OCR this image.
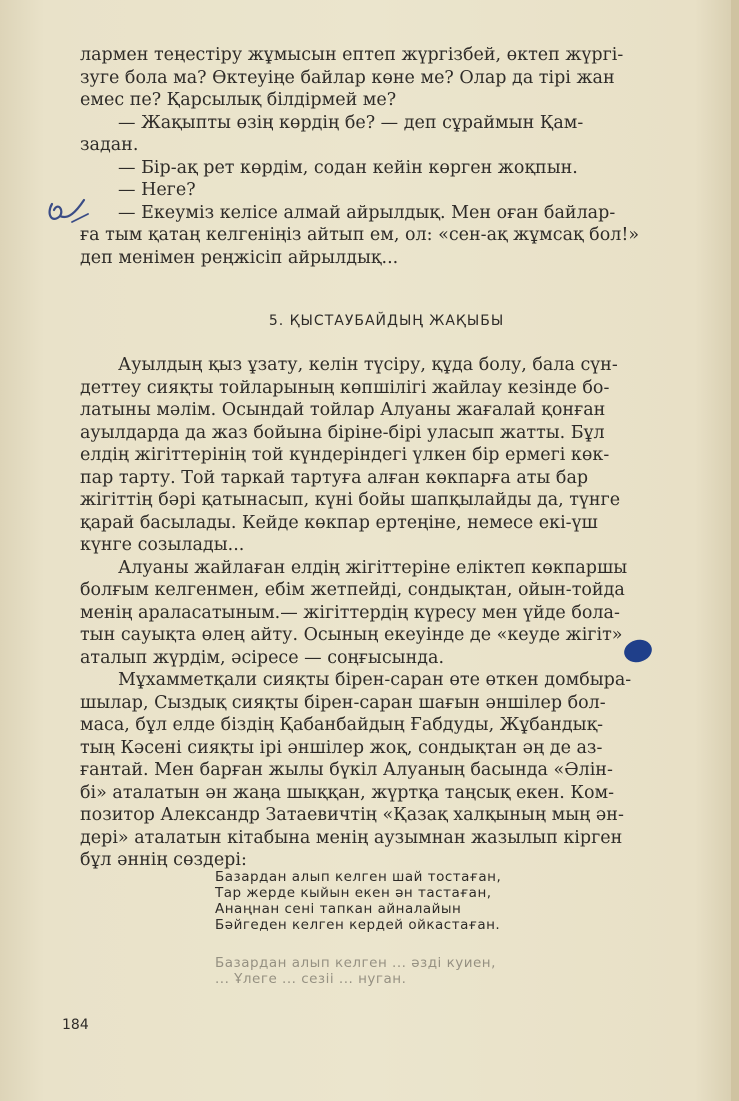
лармен теңестіру жұмысын ептеп жүргізбей, өктеп жүргі-

зуге бола ма? Өктеуіңе байлар көне ме? Олар да тірі жан

емес пе? Қарсылық білдірмей ме?

— Жақыпты өзің көрдің бе? — деп сұраймын Қам-

задан.

— Бір-ақ рет көрдім, содан кейін көрген жоқпын.

— Неге?

— Екеуміз келісе алмай айрылдық. Мен оған байлар-

ға тым қатаң келгеніңіз айтып ем, ол: «сен-ақ жұмсақ бол!»

деп менімен реңжісіп айрылдық...

5. ҚЫСТАУБАЙДЫҢ ЖАҚЫБЫ

Ауылдың қыз ұзату, келін түсіру, құда болу, бала сүн-

деттеу сияқты тойларының көпшілігі жайлау кезінде бо-

латыны мәлім. Осындай тойлар Алуаны жағалай қонған

ауылдарда да жаз бойына біріне-бірі уласып жатты. Бұл

елдің жігіттерінің той күндеріндегі үлкен бір ермегі көк-

пар тарту. Той таркай тартуға алған көкпарға аты бар

жігіттің бәрі қатынасып, күні бойы шапқылайды да, түнге

қарай басылады. Кейде көкпар ертеңіне, немесе екі-үш

күнге созылады...

Алуаны жайлаған елдің жігіттеріне еліктеп көкпаршы

болғым келгенмен, ебім жетпейді, сондықтан, ойын-тойда

менің араласатыным.— жігіттердің күресу мен үйде бола-

тын сауықта өлең айту. Осының екеуінде де «кеуде жігіт»

аталып жүрдім, әсіресе — соңғысында.

Мұхамметқали сияқты бірен-саран өте өткен домбыра-

шылар, Сыздық сияқты бірен-саран шағын әншілер бол-

маса, бұл елде біздің Қабанбайдың Ғабдуды, Жұбандық-

тың Кәсені сияқты ірі әншілер жоқ, сондықтан әң де аз-

ғантай. Мен барған жылы бүкіл Алуаның басында «Әлін-

бі» аталатын ән жаңа шыққан, жүртқа таңсық екен. Ком-

позитор Александр Затаевичтің «Қазақ халқының мың ән-

дері» аталатын кітабына менің аузымнан жазылып кірген

бұл әннің сөздері:

Базардан алып келген шай тостаған,
Тар жерде кыйын екен ән тастаған,
Анаңнан сені тапкан айналайын
Бәйгеден келген кердей ойкастаған.
Базардан алып келген ... әзді куиен,
... Ұлеге ... сезіі ... нуган.
184
